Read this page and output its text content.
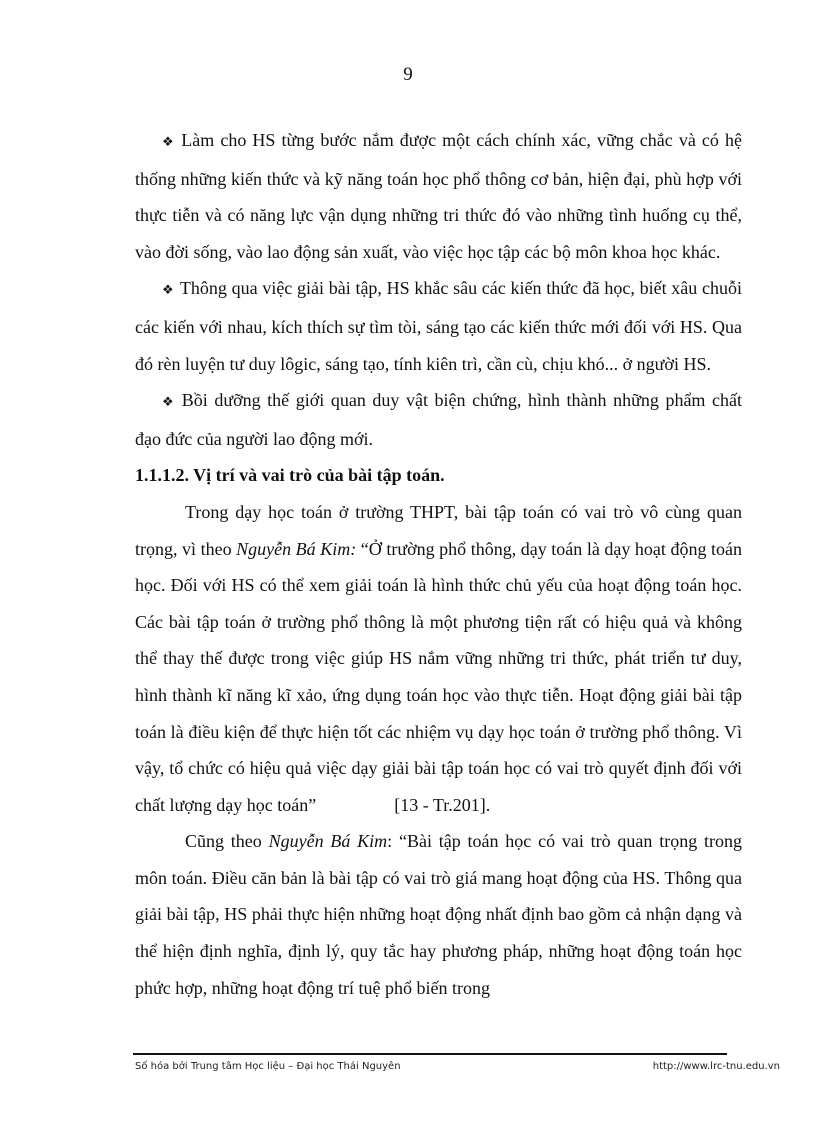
9

❖ Làm cho HS từng bước nắm được một cách chính xác, vững chắc và có hệ thống những kiến thức và kỹ năng toán học phổ thông cơ bản, hiện đại, phù hợp với thực tiễn và có năng lực vận dụng những tri thức đó vào những tình huống cụ thể, vào đời sống, vào lao động sản xuất, vào việc học tập các bộ môn khoa học khác.

❖ Thông qua việc giải bài tập, HS khắc sâu các kiến thức đã học, biết xâu chuỗi các kiến với nhau, kích thích sự tìm tòi, sáng tạo các kiến thức mới đối với HS. Qua đó rèn luyện tư duy lôgic, sáng tạo, tính kiên trì, cần cù, chịu khó... ở người HS.

❖ Bồi dưỡng thế giới quan duy vật biện chứng, hình thành những phẩm chất đạo đức của người lao động mới.

1.1.1.2. Vị trí và vai trò của bài tập toán.

Trong dạy học toán ở trường THPT, bài tập toán có vai trò vô cùng quan trọng, vì theo Nguyễn Bá Kim: “Ở trường phổ thông, dạy toán là dạy hoạt động toán học. Đối với HS có thể xem giải toán là hình thức chủ yếu của hoạt động toán học. Các bài tập toán ở trường phổ thông là một phương tiện rất có hiệu quả và không thể thay thế được trong việc giúp HS nắm vững những tri thức, phát triển tư duy, hình thành kĩ năng kĩ xảo, ứng dụng toán học vào thực tiễn. Hoạt động giải bài tập toán là điều kiện để thực hiện tốt các nhiệm vụ dạy học toán ở trường phổ thông. Vì vậy, tổ chức có hiệu quả việc dạy giải bài tập toán học có vai trò quyết định đối với chất lượng dạy học toán”	[13 - Tr.201].

Cũng theo Nguyễn Bá Kim: “Bài tập toán học có vai trò quan trọng trong môn toán. Điều căn bản là bài tập có vai trò giá mang hoạt động của HS. Thông qua giải bài tập, HS phải thực hiện những hoạt động nhất định bao gồm cả nhận dạng và thể hiện định nghĩa, định lý, quy tắc hay phương pháp, những hoạt động toán học phức hợp, những hoạt động trí tuệ phổ biến trong

Số hóa bởi Trung tâm Học liệu – Đại học Thái Nguyên	http://www.lrc-tnu.edu.vn
